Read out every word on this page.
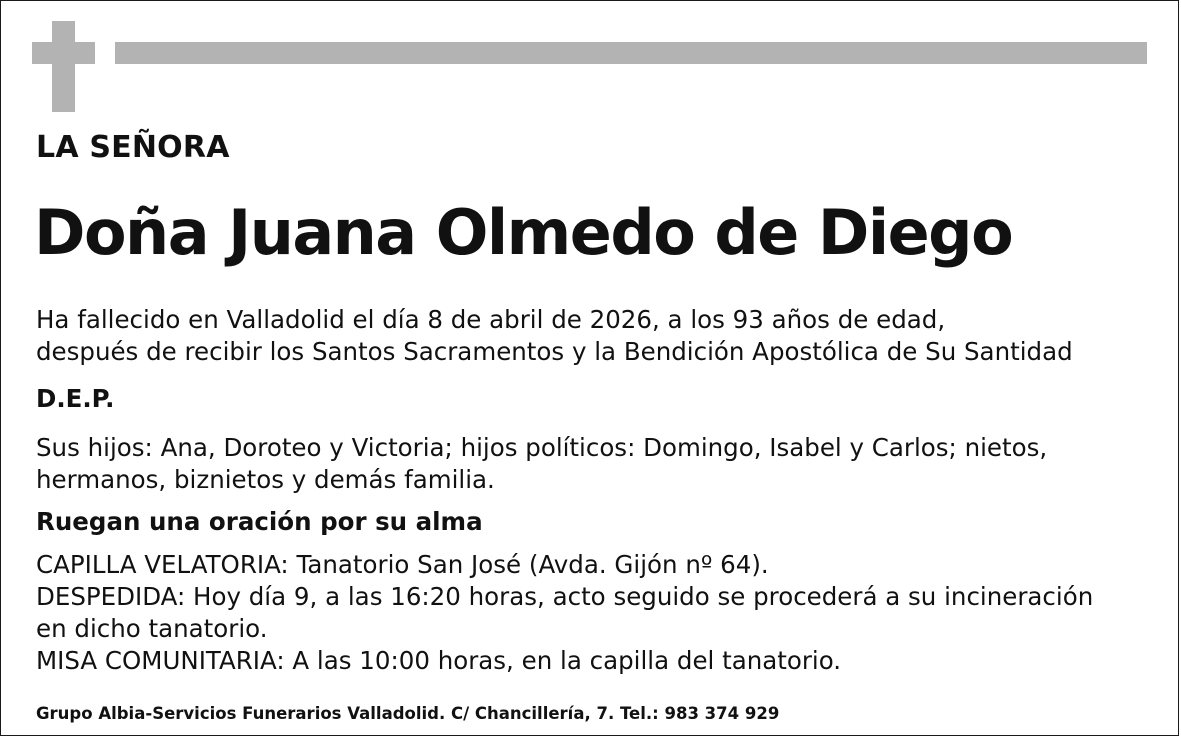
LA SEÑORA
Doña Juana Olmedo de Diego
Ha fallecido en Valladolid el día 8 de abril de 2026, a los 93 años de edad,
después de recibir los Santos Sacramentos y la Bendición Apostólica de Su Santidad
D.E.P.
Sus hijos: Ana, Doroteo y Victoria; hijos políticos: Domingo, Isabel y Carlos; nietos,
hermanos, biznietos y demás familia.
Ruegan una oración por su alma
CAPILLA VELATORIA: Tanatorio San José (Avda. Gijón nº 64).
DESPEDIDA: Hoy día 9, a las 16:20 horas, acto seguido se procederá a su incineración
en dicho tanatorio.
MISA COMUNITARIA: A las 10:00 horas, en la capilla del tanatorio.
Grupo Albia-Servicios Funerarios Valladolid. C/ Chancillería, 7. Tel.: 983 374 929
